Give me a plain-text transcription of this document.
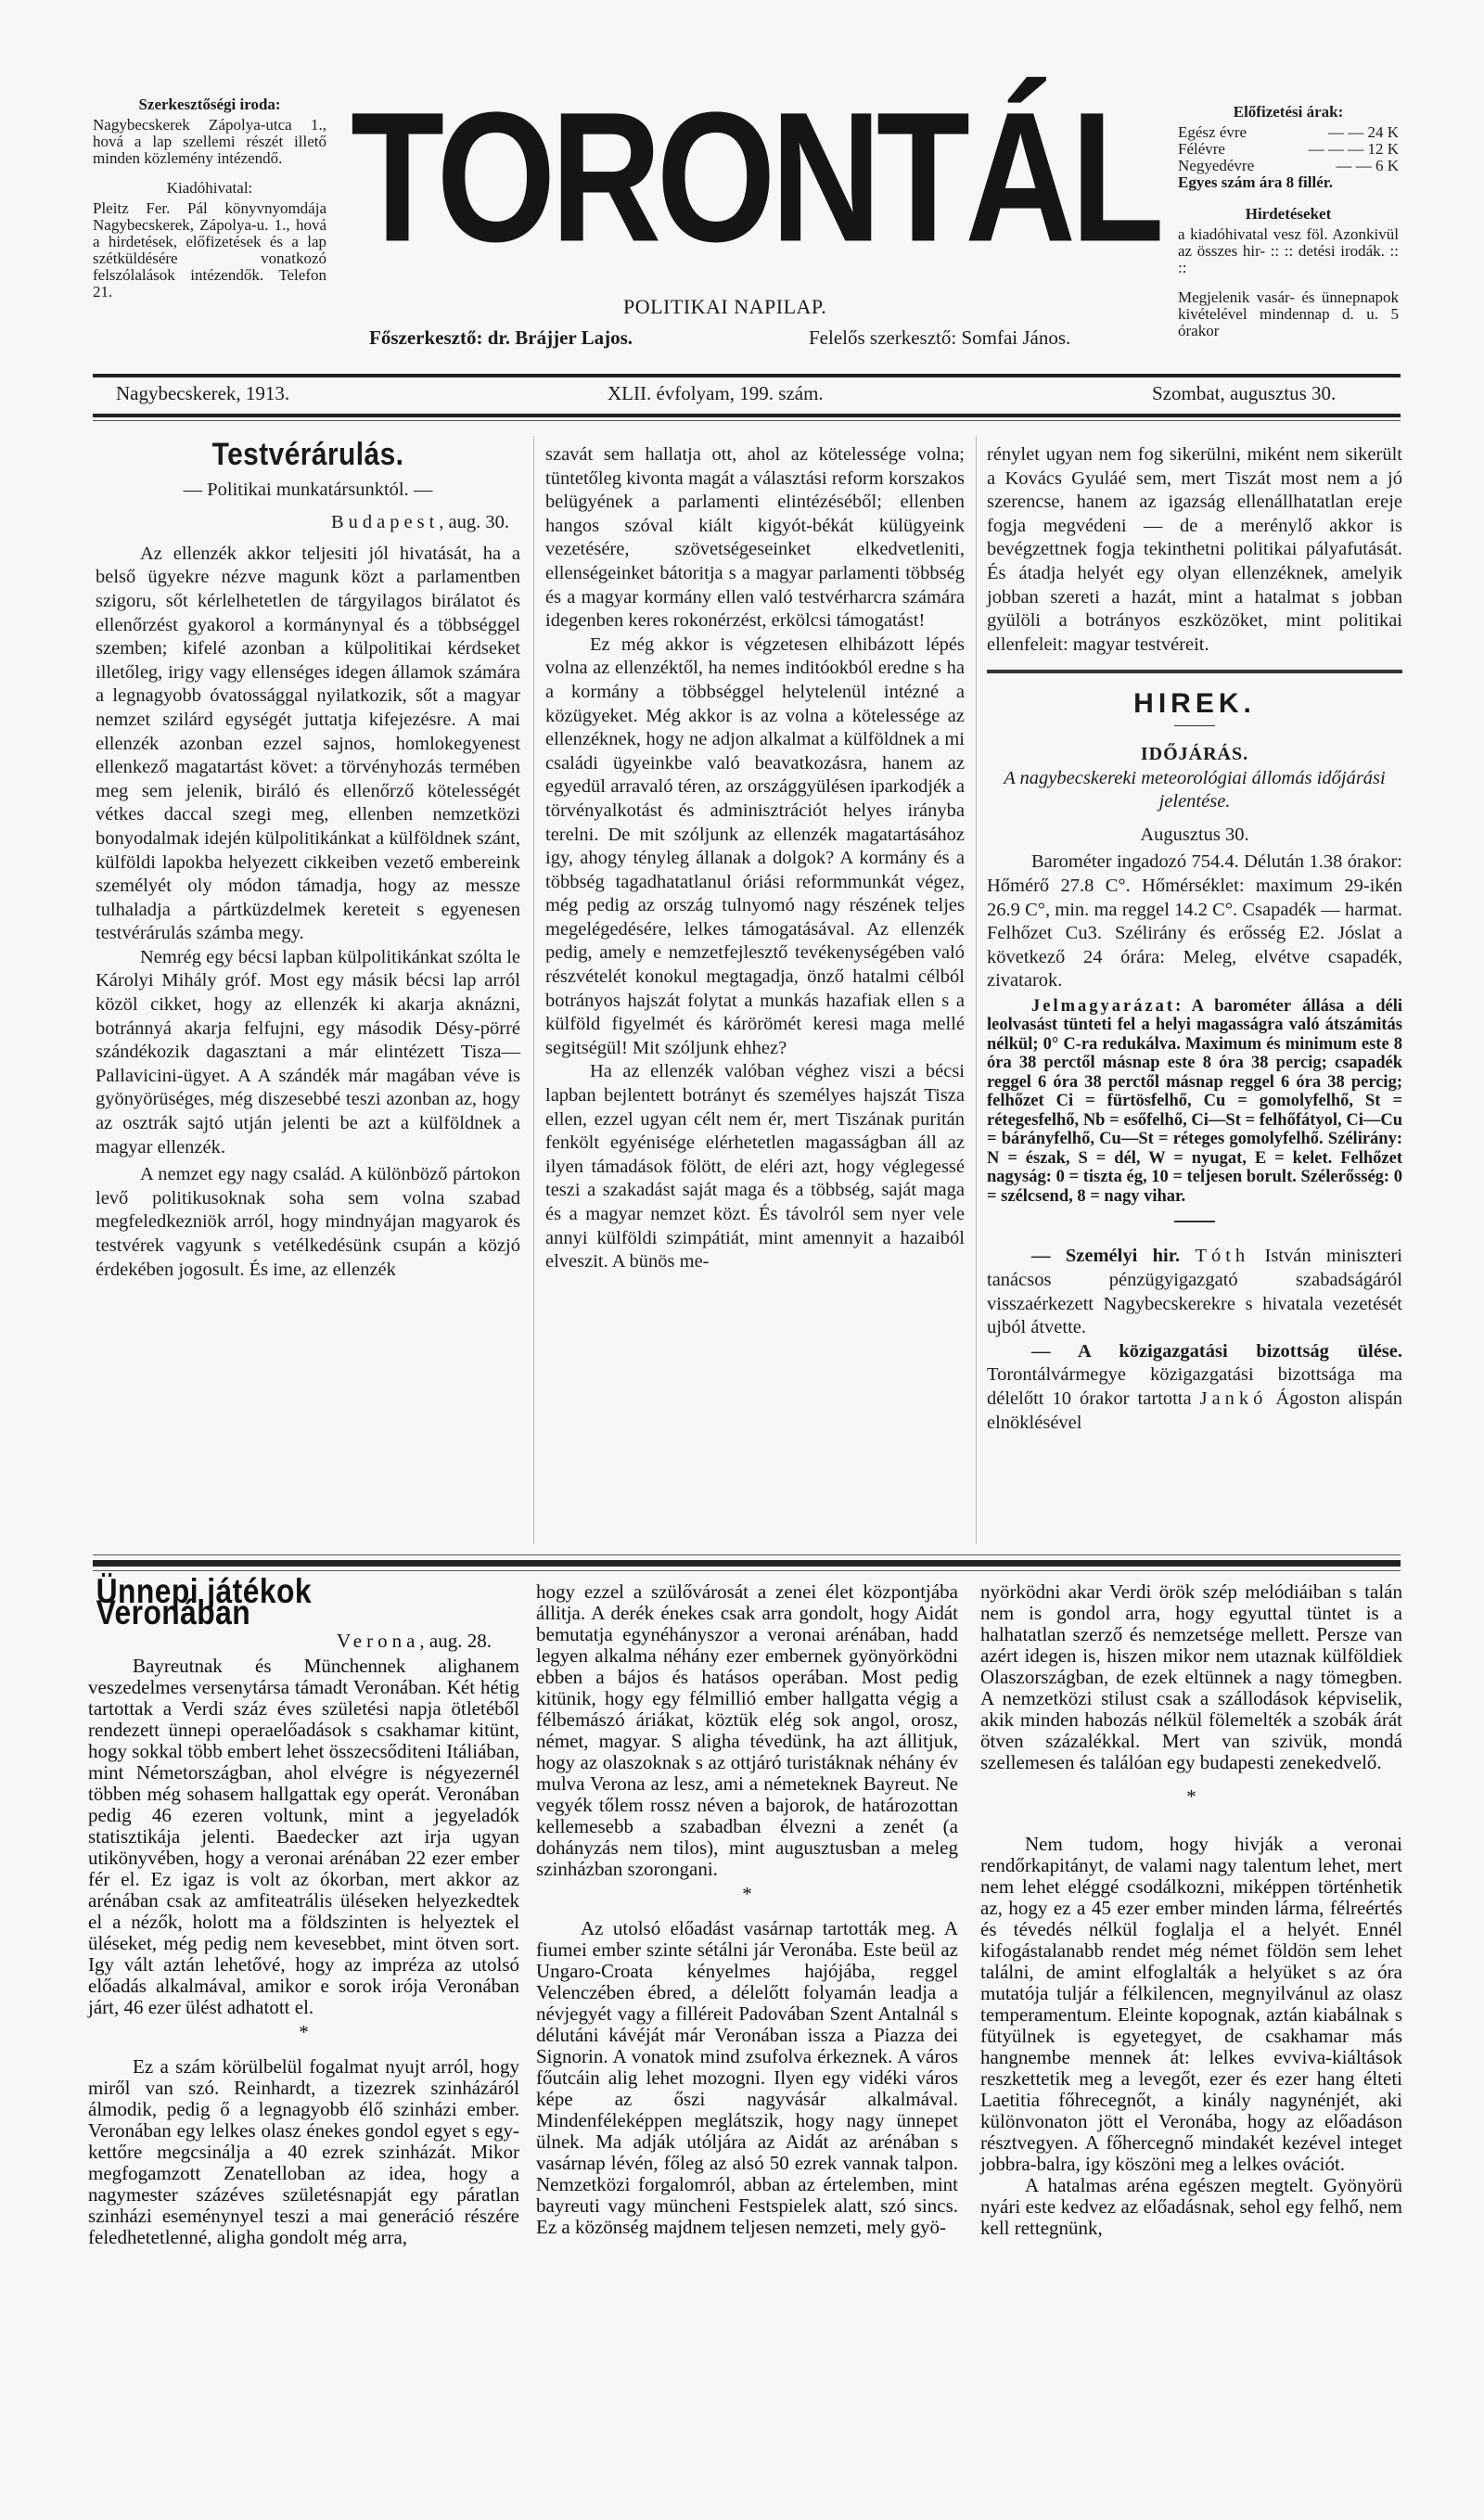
Szerkesztőségi iroda:

Nagybecskerek Zápolya-utca 1., hová a lap szellemi részét illető minden közlemény intézendő.

Kiadóhivatal:

Pleitz Fer. Pál könyvnyomdája Nagybecskerek, Zápolya-u. 1., hová a hirdetések, előfizetések és a lap szétküldésére vonatkozó felszólalások intézendők. Telefon 21.

TORONTÁL
POLITIKAI NAPILAP.
Főszerkesztő: dr. Brájjer Lajos.	Felelős szerkesztő: Somfai János.
Előfizetési árak:
Egész évre	— — 24 K
Félévre	— — — 12 K
Negyedévre	— — 6 K

Egyes szám ára 8 fillér.

Hirdetéseket

a kiadóhivatal vesz föl. Azonkivül az összes hir- :: :: detési irodák. :: ::

Megjelenik vasár- és ünnepnapok kivételével mindennap d. u. 5 órakor

Nagybecskerek, 1913.	XLII. évfolyam, 199. szám.	Szombat, augusztus 30.
Testvérárulás.
— Politikai munkatársunktól. —
Budapest, aug. 30.

Az ellenzék akkor teljesiti jól hivatását, ha a belső ügyekre nézve magunk közt a parlamentben szigoru, sőt kérlelhetetlen de tárgyilagos birálatot és ellenőrzést gyakorol a kormánynyal és a többséggel szemben; kifelé azonban a külpolitikai kérdseket illetőleg, irigy vagy ellenséges idegen államok számára a legnagyobb óvatossággal nyilatkozik, sőt a magyar nemzet szilárd egységét juttatja kifejezésre. A mai ellenzék azonban ezzel sajnos, homlokegyenest ellenkező magatartást követ: a törvényhozás termében meg sem jelenik, biráló és ellenőrző kötelességét vétkes daccal szegi meg, ellenben nemzetközi bonyodalmak idején külpolitikánkat a külföldnek szánt, külföldi lapokba helyezett cikkeiben vezető embereink személyét oly módon támadja, hogy az messze tulhaladja a pártküzdelmek kereteit s egyenesen testvérárulás számba megy.

Nemrég egy bécsi lapban külpolitikánkat szólta le Károlyi Mihály gróf. Most egy másik bécsi lap arról közöl cikket, hogy az ellenzék ki akarja aknázni, botránnyá akarja felfujni, egy második Désy-pörré szándékozik dagasztani a már elintézett Tisza—Pallavicini-ügyet. A A szándék már magában véve is gyönyörüséges, még diszesebbé teszi azonban az, hogy az osztrák sajtó utján jelenti be azt a külföldnek a magyar ellenzék.

A nemzet egy nagy család. A különböző pártokon levő politikusoknak soha sem volna szabad megfeledkezniök arról, hogy mindnyájan magyarok és testvérek vagyunk s vetélkedésünk csupán a közjó érdekében jogosult. És ime, az ellenzék

szavát sem hallatja ott, ahol az kötelessége volna; tüntetőleg kivonta magát a választási reform korszakos belügyének a parlamenti elintézéséből; ellenben hangos szóval kiált kigyót-békát külügyeink vezetésére, szövetségeseinket elkedvetleniti, ellenségeinket bátoritja s a magyar parlamenti többség és a magyar kormány ellen való testvérharcra számára idegenben keres rokonérzést, erkölcsi támogatást!

Ez még akkor is végzetesen elhibázott lépés volna az ellenzéktől, ha nemes inditóokból eredne s ha a kormány a többséggel helytelenül intézné a közügyeket. Még akkor is az volna a kötelessége az ellenzéknek, hogy ne adjon alkalmat a külföldnek a mi családi ügyeinkbe való beavatkozásra, hanem az egyedül arravaló téren, az országgyülésen iparkodjék a törvényalkotást és adminisztrációt helyes irányba terelni. De mit szóljunk az ellenzék magatartásához igy, ahogy tényleg állanak a dolgok? A kormány és a többség tagadhatatlanul óriási reformmunkát végez, még pedig az ország tulnyomó nagy részének teljes megelégedésére, lelkes támogatásával. Az ellenzék pedig, amely e nemzetfejlesztő tevékenységében való részvételét konokul megtagadja, önző hatalmi célból botrányos hajszát folytat a munkás hazafiak ellen s a külföld figyelmét és kárörömét keresi maga mellé segitségül! Mit szóljunk ehhez?

Ha az ellenzék valóban véghez viszi a bécsi lapban bejlentett botrányt és személyes hajszát Tisza ellen, ezzel ugyan célt nem ér, mert Tiszának puritán fenkölt egyénisége elérhetetlen magasságban áll az ilyen támadások fölött, de eléri azt, hogy véglegessé teszi a szakadást saját maga és a többség, saját maga és a magyar nemzet közt. És távolról sem nyer vele annyi külföldi szimpátiát, mint amennyit a hazaiból elveszit. A bünös me-

rénylet ugyan nem fog sikerülni, miként nem sikerült a Kovács Gyuláé sem, mert Tiszát most nem a jó szerencse, hanem az igazság ellenállhatatlan ereje fogja megvédeni — de a merénylő akkor is bevégzettnek fogja tekinthetni politikai pályafutását. És átadja helyét egy olyan ellenzéknek, amelyik jobban szereti a hazát, mint a hatalmat s jobban gyülöli a botrányos eszközöket, mint politikai ellenfeleit: magyar testvéreit.

HIREK.
IDŐJÁRÁS.
A nagybecskereki meteorológiai állomás időjárási jelentése.
Augusztus 30.

Barométer ingadozó 754.4. Délután 1.38 órakor: Hőmérő 27.8 C°. Hőmérséklet: maximum 29-ikén 26.9 C°, min. ma reggel 14.2 C°. Csapadék — harmat. Felhőzet Cu3. Szélirány és erősség E2. Jóslat a következő 24 órára: Meleg, elvétve csapadék, zivatarok.

Jelmagyarázat: A barométer állása a déli leolvasást tünteti fel a helyi magasságra való átszámitás nélkül; 0° C-ra redukálva. Maximum és minimum este 8 óra 38 perctől másnap este 8 óra 38 percig; csapadék reggel 6 óra 38 perctől másnap reggel 6 óra 38 percig; felhőzet Ci = fürtösfelhő, Cu = gomolyfelhő, St = rétegesfelhő, Nb = esőfelhő, Ci—St = felhőfátyol, Ci—Cu = bárányfelhő, Cu—St = réteges gomolyfelhő. Szélirány: N = észak, S = dél, W = nyugat, E = kelet. Felhőzet nagyság: 0 = tiszta ég, 10 = teljesen borult. Szélerősség: 0 = szélcsend, 8 = nagy vihar.

— Személyi hir. Tóth István miniszteri tanácsos pénzügyigazgató szabadságáról visszaérkezett Nagybecskerekre s hivatala vezetését ujból átvette.

— A közigazgatási bizottság ülése. Torontálvármegye közigazgatási bizottsága ma délelőtt 10 órakor tartotta Jankó Ágoston alispán elnöklésével

Ünnepi játékok Veronában
Verona, aug. 28.

Bayreutnak és Münchennek alighanem veszedelmes versenytársa támadt Veronában. Két hétig tartottak a Verdi száz éves születési napja ötletéből rendezett ünnepi operaelőadások s csakhamar kitünt, hogy sokkal több embert lehet összecsőditeni Itáliában, mint Németországban, ahol elvégre is négyezernél többen még sohasem hallgattak egy operát. Veronában pedig 46 ezeren voltunk, mint a jegyeladók statisztikája jelenti. Baedecker azt irja ugyan utikönyvében, hogy a veronai arénában 22 ezer ember fér el. Ez igaz is volt az ókorban, mert akkor az arénában csak az amfiteatrális üléseken helyezkedtek el a nézők, holott ma a földszinten is helyeztek el üléseket, még pedig nem kevesebbet, mint ötven sort. Igy vált aztán lehetővé, hogy az impréza az utolsó előadás alkalmával, amikor e sorok irója Veronában járt, 46 ezer ülést adhatott el.

*

Ez a szám körülbelül fogalmat nyujt arról, hogy miről van szó. Reinhardt, a tizezrek szinházáról álmodik, pedig ő a legnagyobb élő szinházi ember. Veronában egy lelkes olasz énekes gondol egyet s egy-kettőre megcsinálja a 40 ezrek szinházát. Mikor megfogamzott Zenatelloban az idea, hogy a nagymester százéves születésnapját egy páratlan szinházi eseménynyel teszi a mai generáció részére feledhetetlenné, aligha gondolt még arra,

hogy ezzel a szülővárosát a zenei élet központjába állitja. A derék énekes csak arra gondolt, hogy Aidát bemutatja egynéhányszor a veronai arénában, hadd legyen alkalma néhány ezer embernek gyönyörködni ebben a bájos és hatásos operában. Most pedig kitünik, hogy egy félmillió ember hallgatta végig a félbemászó áriákat, köztük elég sok angol, orosz, német, magyar. S aligha tévedünk, ha azt állitjuk, hogy az olaszoknak s az ottjáró turistáknak néhány év mulva Verona az lesz, ami a németeknek Bayreut. Ne vegyék tőlem rossz néven a bajorok, de határozottan kellemesebb a szabadban élvezni a zenét (a dohányzás nem tilos), mint augusztusban a meleg szinházban szorongani.

*

Az utolsó előadást vasárnap tartották meg. A fiumei ember szinte sétálni jár Veronába. Este beül az Ungaro-Croata kényelmes hajójába, reggel Velenczében ébred, a délelőtt folyamán leadja a névjegyét vagy a filléreit Padovában Szent Antalnál s délutáni kávéját már Veronában issza a Piazza dei Signorin. A vonatok mind zsufolva érkeznek. A város főutcáin alig lehet mozogni. Ilyen egy vidéki város képe az őszi nagyvásár alkalmával. Mindenféleképpen meglátszik, hogy nagy ünnepet ülnek. Ma adják utóljára az Aidát az arénában s vasárnap lévén, főleg az alsó 50 ezrek vannak talpon. Nemzetközi forgalomról, abban az értelemben, mint bayreuti vagy müncheni Festspielek alatt, szó sincs. Ez a közönség majdnem teljesen nemzeti, mely gyö-

nyörködni akar Verdi örök szép melódiáiban s talán nem is gondol arra, hogy egyuttal tüntet is a halhatatlan szerző és nemzetsége mellett. Persze van azért idegen is, hiszen mikor nem utaznak külföldiek Olaszországban, de ezek eltünnek a nagy tömegben. A nemzetközi stilust csak a szállodások képviselik, akik minden habozás nélkül fölemelték a szobák árát ötven százalékkal. Mert van szivük, mondá szellemesen és találóan egy budapesti zenekedvelő.

*

Nem tudom, hogy hivják a veronai rendőrkapitányt, de valami nagy talentum lehet, mert nem lehet eléggé csodálkozni, miképpen történhetik az, hogy ez a 45 ezer ember minden lárma, félreértés és tévedés nélkül foglalja el a helyét. Ennél kifogástalanabb rendet még német földön sem lehet találni, de amint elfoglalták a helyüket s az óra mutatója tuljár a félkilencen, megnyilvánul az olasz temperamentum. Eleinte kopognak, aztán kiabálnak s fütyülnek is egyetegyet, de csakhamar más hangnembe mennek át: lelkes evviva-kiáltások reszkettetik meg a levegőt, ezer és ezer hang élteti Laetitia főhrecegnőt, a kinály nagynénjét, aki különvonaton jött el Veronába, hogy az előadáson résztvegyen. A főhercegnő mindakét kezével integet jobbra-balra, igy köszöni meg a lelkes ovációt.

A hatalmas aréna egészen megtelt. Gyönyörü nyári este kedvez az előadásnak, sehol egy felhő, nem kell rettegnünk,
